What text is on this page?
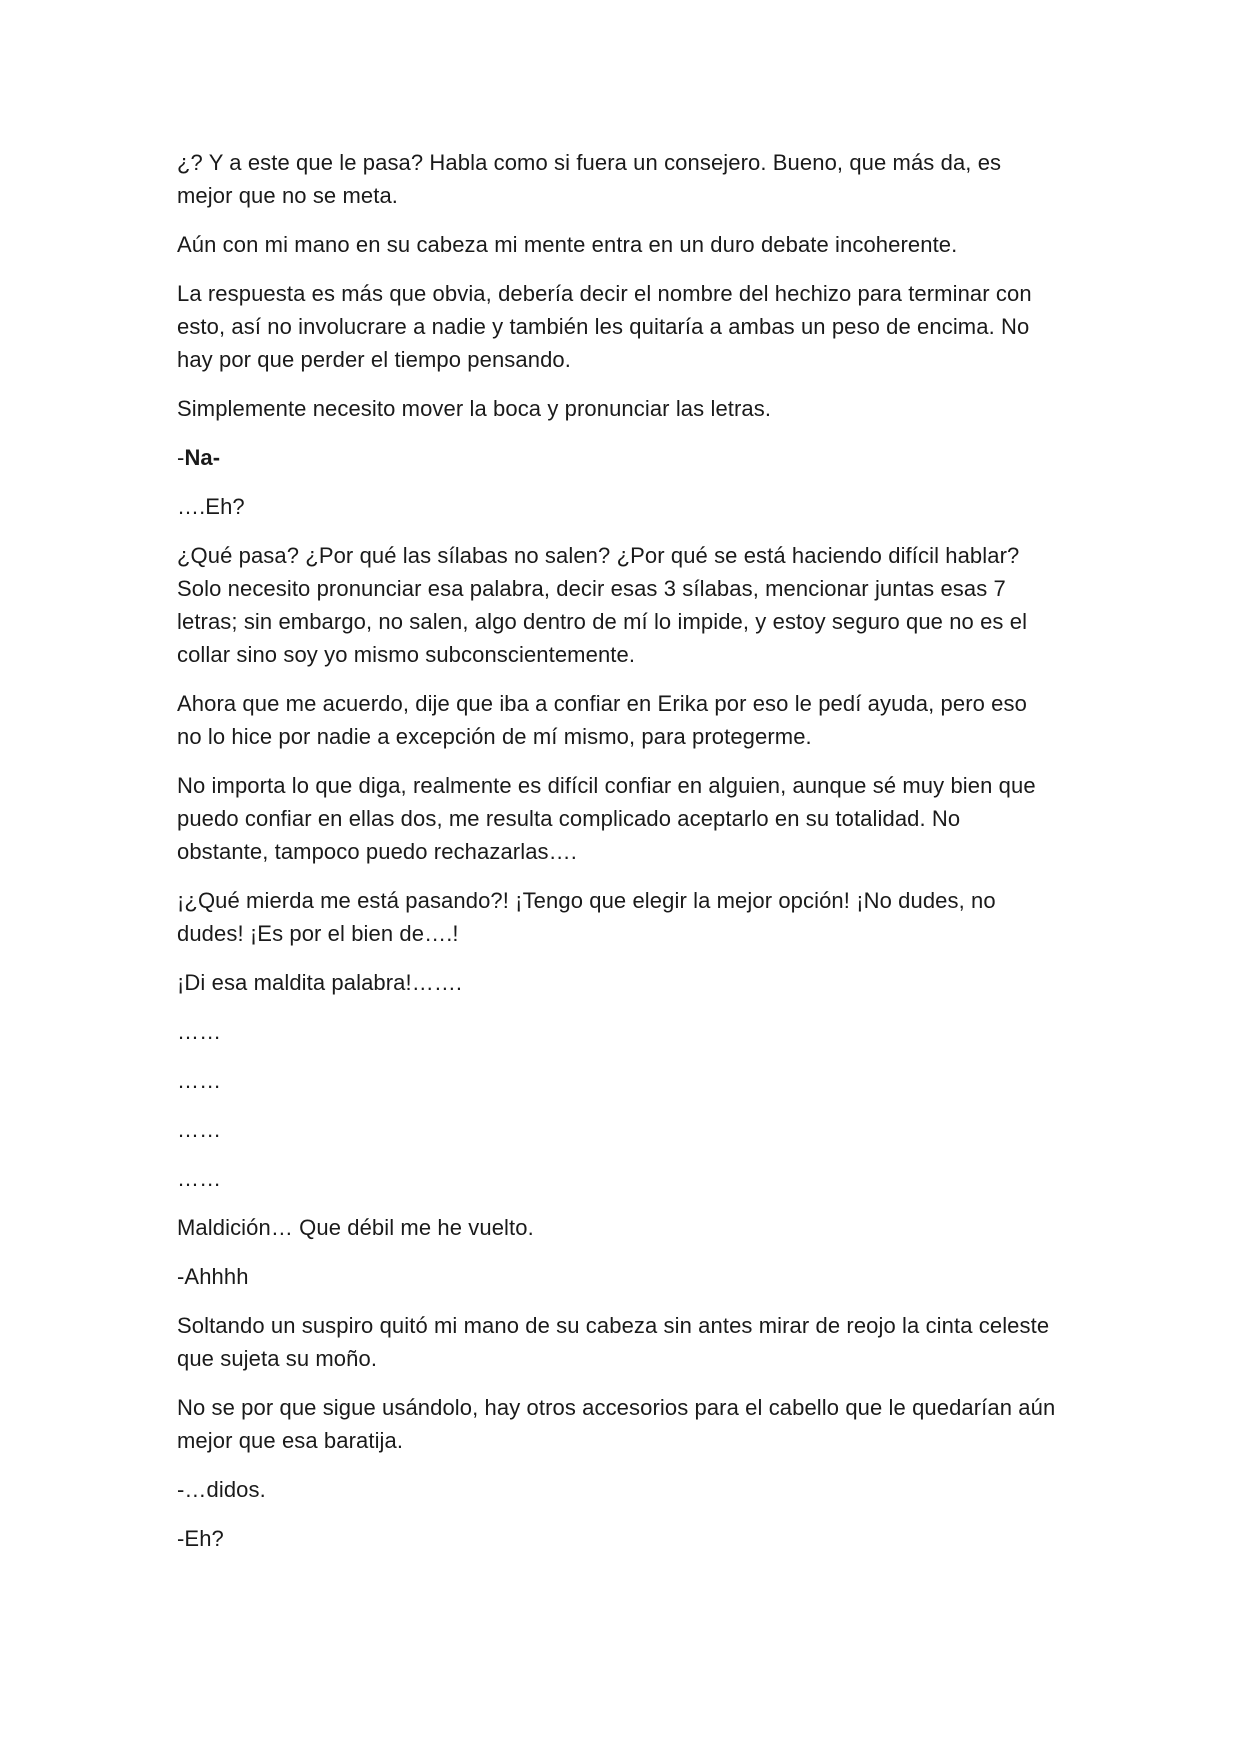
¿? Y a este que le pasa? Habla como si fuera un consejero. Bueno, que más da, es mejor que no se meta.

Aún con mi mano en su cabeza mi mente entra en un duro debate incoherente.

La respuesta es más que obvia, debería decir el nombre del hechizo para terminar con esto, así no involucrare a nadie y también les quitaría a ambas un peso de encima. No hay por que perder el tiempo pensando.

Simplemente necesito mover la boca y pronunciar las letras.

-Na-

….Eh?

¿Qué pasa? ¿Por qué las sílabas no salen? ¿Por qué se está haciendo difícil hablar? Solo necesito pronunciar esa palabra, decir esas 3 sílabas, mencionar juntas esas 7 letras; sin embargo, no salen, algo dentro de mí lo impide, y estoy seguro que no es el collar sino soy yo mismo subconscientemente.

Ahora que me acuerdo, dije que iba a confiar en Erika por eso le pedí ayuda, pero eso no lo hice por nadie a excepción de mí mismo, para protegerme.

No importa lo que diga, realmente es difícil confiar en alguien, aunque sé muy bien que puedo confiar en ellas dos, me resulta complicado aceptarlo en su totalidad. No obstante, tampoco puedo rechazarlas….

¡¿Qué mierda me está pasando?! ¡Tengo que elegir la mejor opción! ¡No dudes, no dudes! ¡Es por el bien de….!

¡Di esa maldita palabra!…….

……

……

……

……

Maldición… Que débil me he vuelto.

-Ahhhh

Soltando un suspiro quitó mi mano de su cabeza sin antes mirar de reojo la cinta celeste que sujeta su moño.

No se por que sigue usándolo, hay otros accesorios para el cabello que le quedarían aún mejor que esa baratija.

-…didos.

-Eh?
